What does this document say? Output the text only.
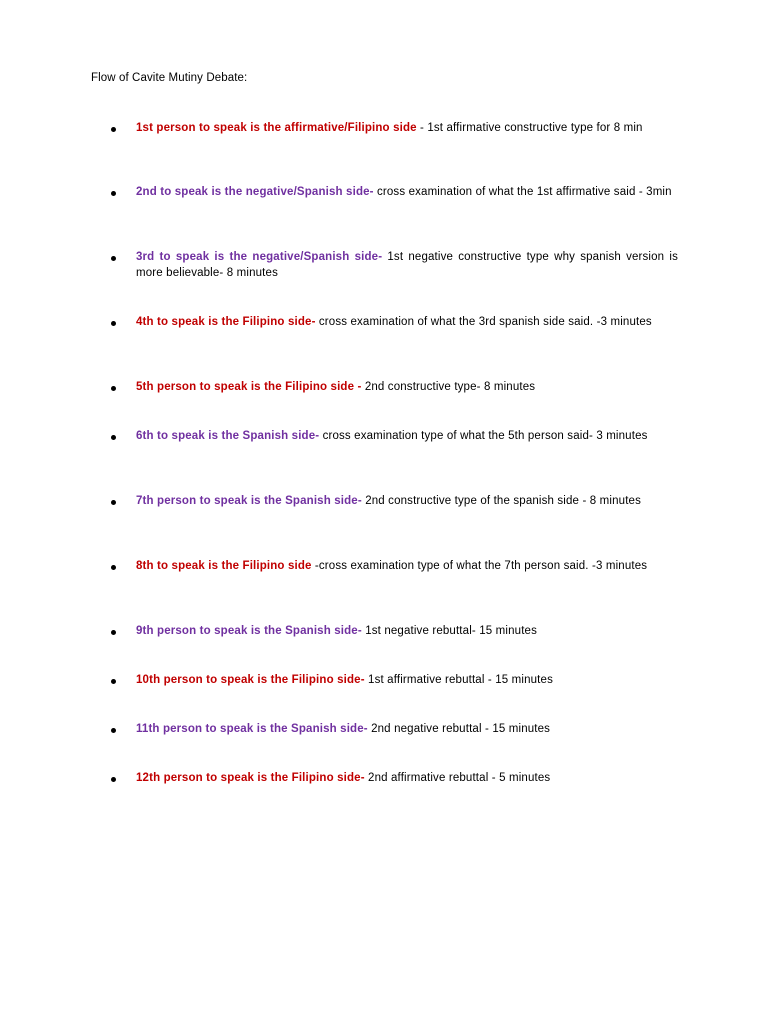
Flow of Cavite Mutiny Debate:
1st person to speak is the affirmative/Filipino side - 1st affirmative constructive type for 8 min
2nd to speak is the negative/Spanish side- cross examination of what the 1st affirmative said - 3min
3rd to speak is the negative/Spanish side- 1st negative constructive type why spanish version is more believable- 8 minutes
4th to speak is the Filipino side- cross examination of what the 3rd spanish side said. -3 minutes
5th person to speak is the Filipino side - 2nd constructive type- 8 minutes
6th to speak is the Spanish side- cross examination type of what the 5th person said- 3 minutes
7th person to speak is the Spanish side- 2nd constructive type of the spanish side - 8 minutes
8th to speak is the Filipino side -cross examination type of what the 7th person said. -3 minutes
9th person to speak is the Spanish side- 1st negative rebuttal- 15 minutes
10th person to speak is the Filipino side- 1st affirmative rebuttal - 15 minutes
11th person to speak is the Spanish side- 2nd negative rebuttal - 15 minutes
12th person to speak is the Filipino side- 2nd affirmative rebuttal - 5 minutes
